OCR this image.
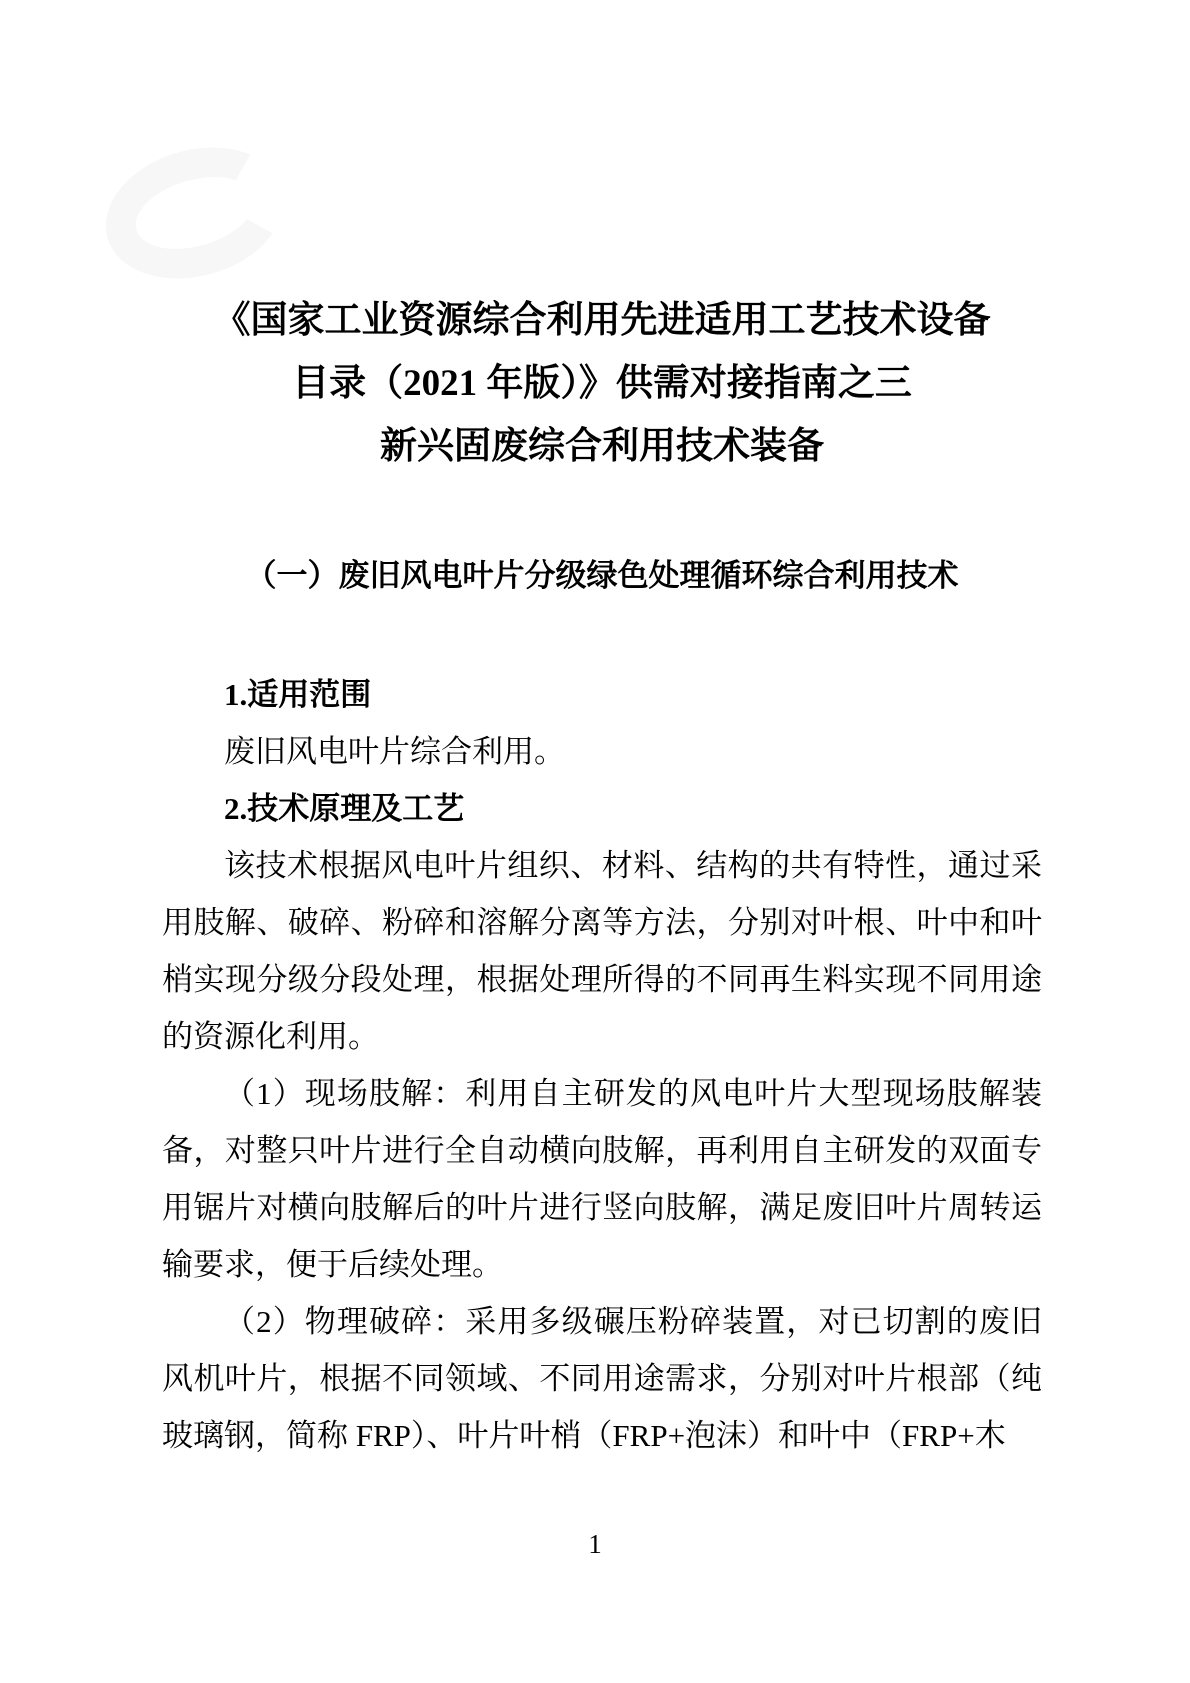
《国家工业资源综合利用先进适用工艺技术设备
目录（2021 年版）》供需对接指南之三
新兴固废综合利用技术装备
（一）废旧风电叶片分级绿色处理循环综合利用技术
1.适用范围

废旧风电叶片综合利用。

2.技术原理及工艺

该技术根据风电叶片组织、材料、结构的共有特性，通过采用肢解、破碎、粉碎和溶解分离等方法，分别对叶根、叶中和叶梢实现分级分段处理，根据处理所得的不同再生料实现不同用途的资源化利用。

（1）现场肢解：利用自主研发的风电叶片大型现场肢解装备，对整只叶片进行全自动横向肢解，再利用自主研发的双面专用锯片对横向肢解后的叶片进行竖向肢解，满足废旧叶片周转运输要求，便于后续处理。

（2）物理破碎：采用多级碾压粉碎装置，对已切割的废旧风机叶片，根据不同领域、不同用途需求，分别对叶片根部（纯玻璃钢，简称 FRP）、叶片叶梢（FRP+泡沫）和叶中（FRP+木

1
